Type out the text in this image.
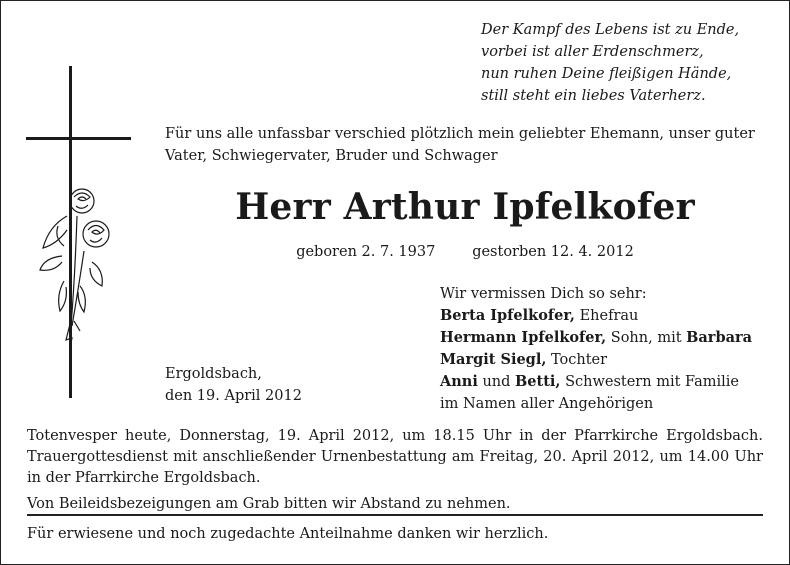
Der Kampf des Lebens ist zu Ende,
vorbei ist aller Erdenschmerz,
nun ruhen Deine fleißigen Hände,
still steht ein liebes Vaterherz.
Für uns alle unfassbar verschied plötzlich mein geliebter Ehemann, unser guter Vater, Schwiegervater, Bruder und Schwager
Herr Arthur Ipfelkofer
geboren 2. 7. 1937	gestorben 12. 4. 2012
Ergoldsbach,
den 19. April 2012
Wir vermissen Dich so sehr:
Berta Ipfelkofer, Ehefrau
Hermann Ipfelkofer, Sohn, mit Barbara
Margit Siegl, Tochter
Anni und Betti, Schwestern mit Familie
im Namen aller Angehörigen

Totenvesper heute, Donnerstag, 19. April 2012, um 18.15 Uhr in der Pfarrkirche Ergoldsbach. Trauergottesdienst mit anschließender Urnenbestattung am Freitag, 20. April 2012, um 14.00 Uhr in der Pfarrkirche Ergoldsbach.

Von Beileidsbezeigungen am Grab bitten wir Abstand zu nehmen.

Für erwiesene und noch zugedachte Anteilnahme danken wir herzlich.
